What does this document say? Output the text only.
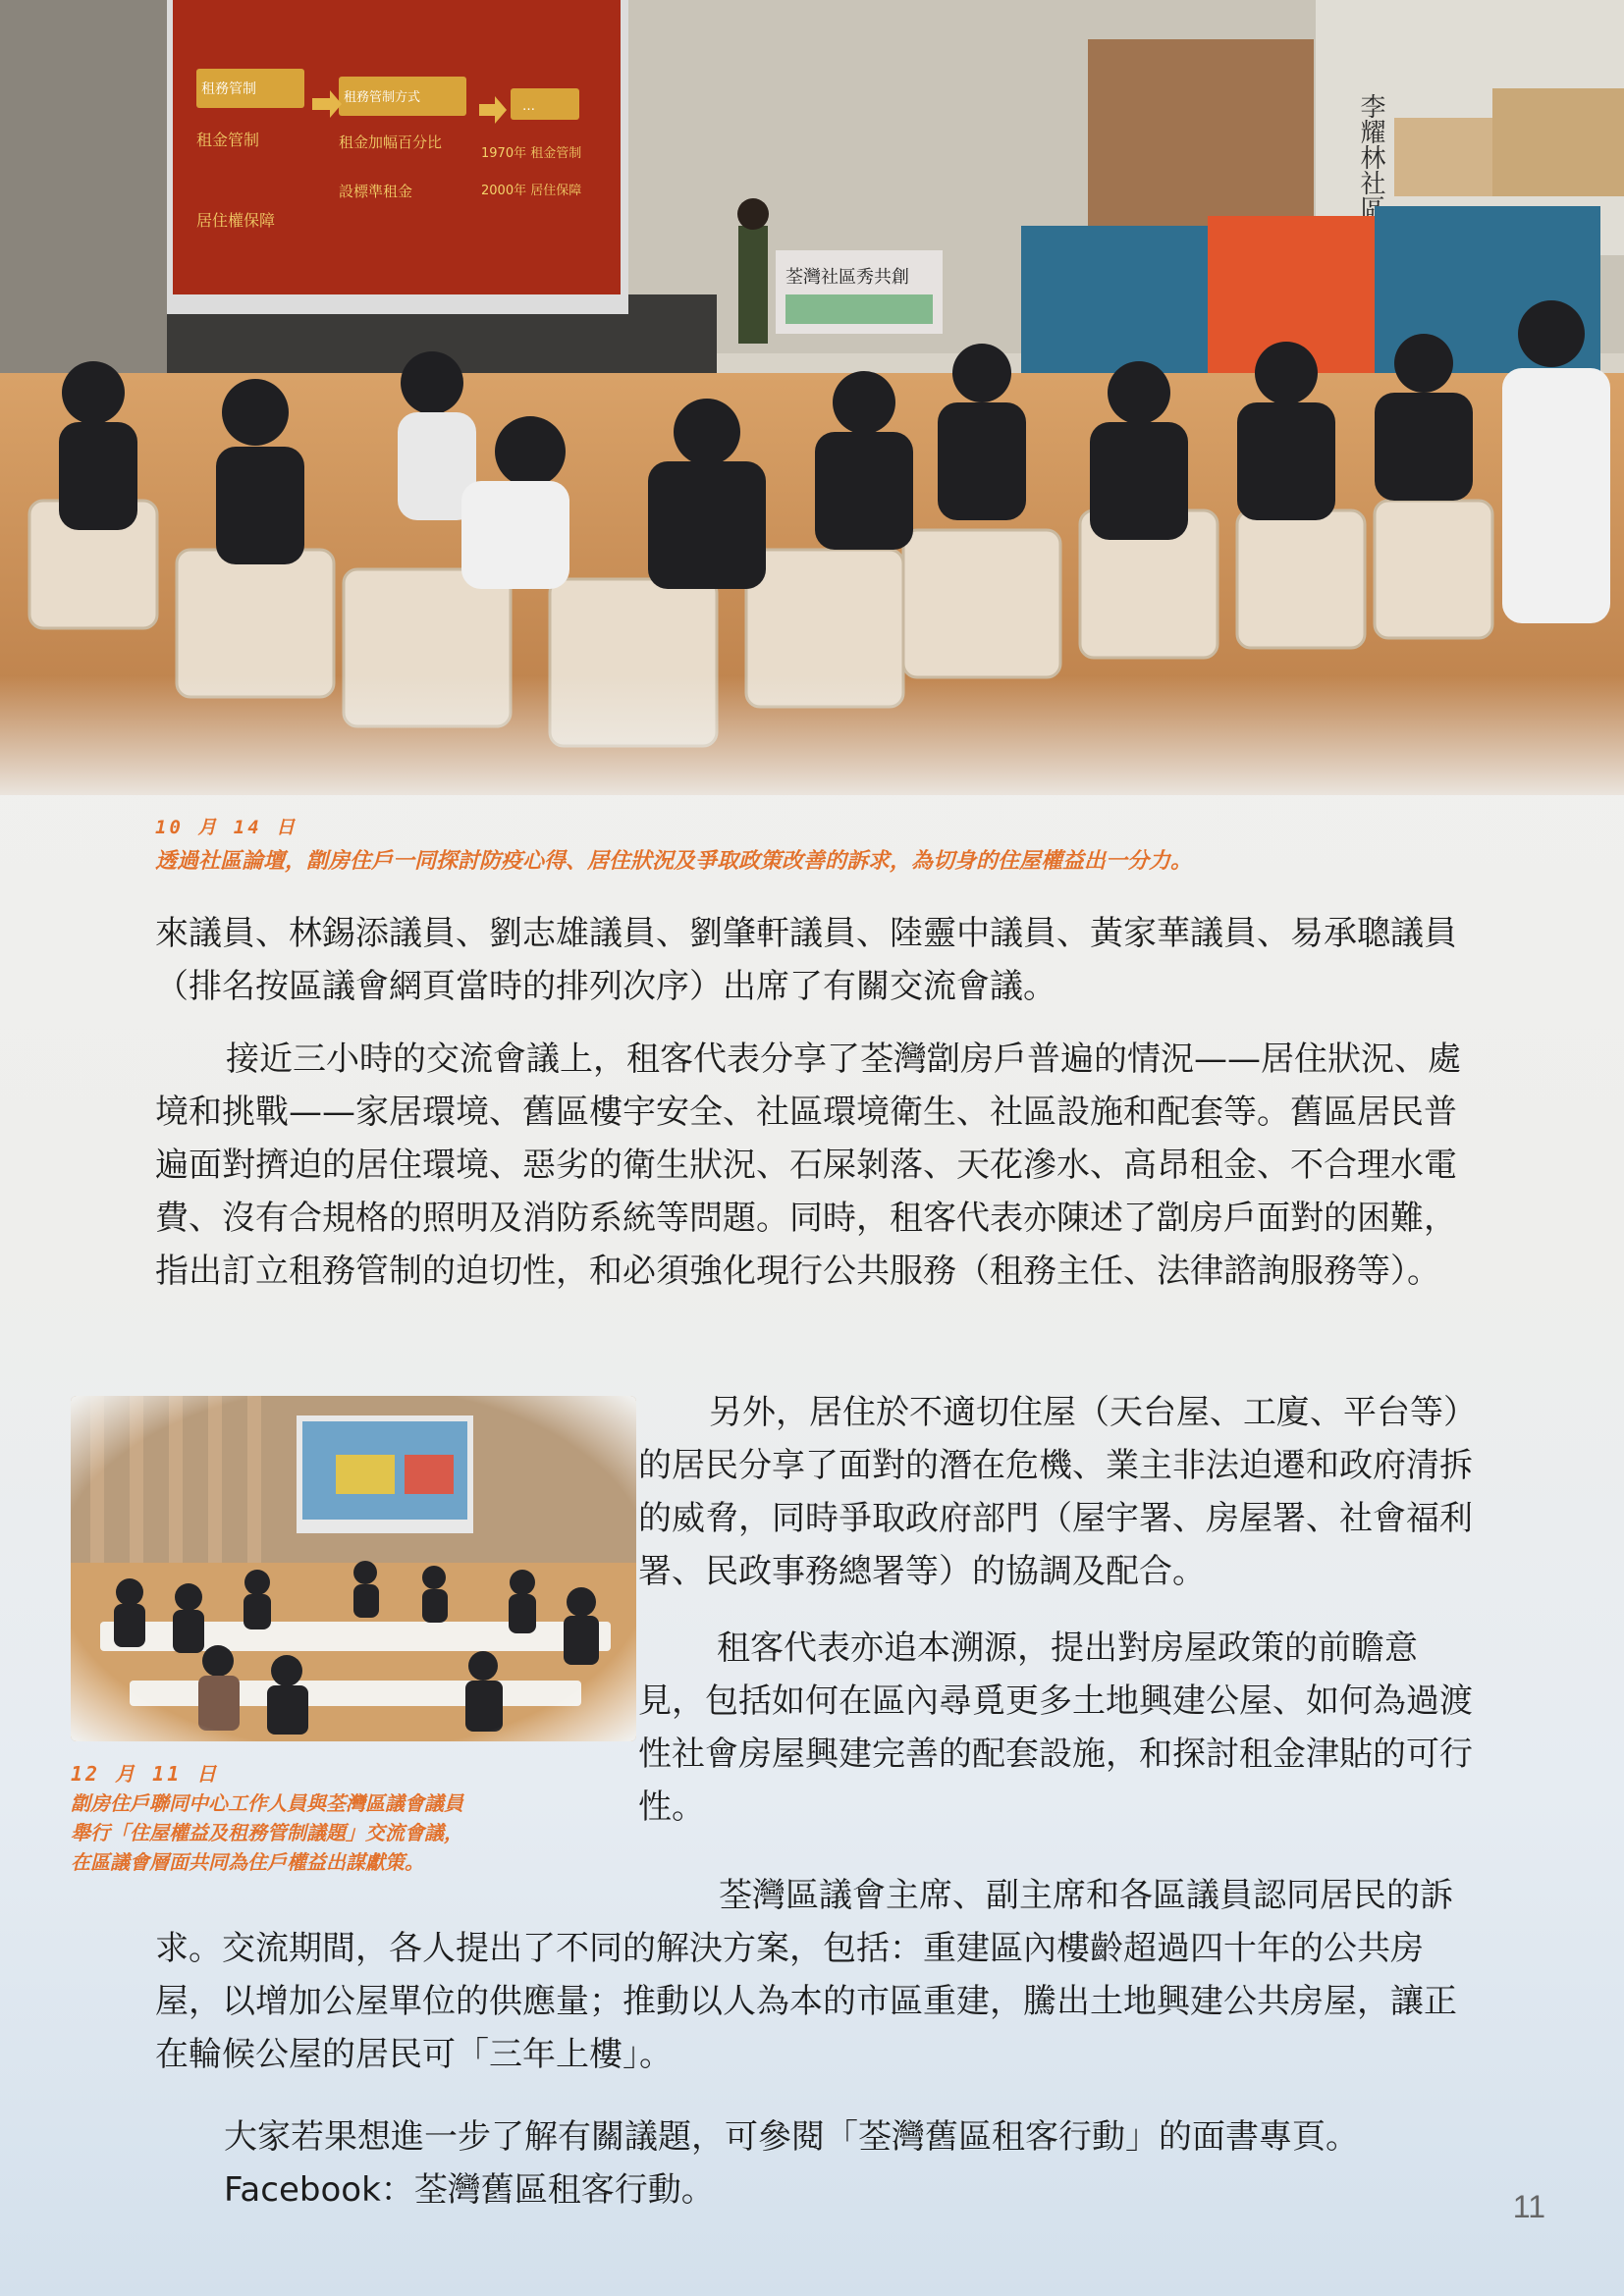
10 月 14 日
透過社區論壇，劏房住戶一同探討防疫心得、居住狀況及爭取政策改善的訴求，為切身的住屋權益出一分力。
來議員、林錫添議員、劉志雄議員、劉肇軒議員、陸靈中議員、黃家華議員、易承聰議員（排名按區議會網頁當時的排列次序）出席了有關交流會議。
接近三小時的交流會議上，租客代表分享了荃灣劏房戶普遍的情況——居住狀況、處境和挑戰——家居環境、舊區樓宇安全、社區環境衛生、社區設施和配套等。舊區居民普遍面對擠迫的居住環境、惡劣的衛生狀況、石屎剝落、天花滲水、高昂租金、不合理水電費、沒有合規格的照明及消防系統等問題。同時，租客代表亦陳述了劏房戶面對的困難，指出訂立租務管制的迫切性，和必須強化現行公共服務（租務主任、法律諮詢服務等）。
12 月 11 日
劏房住戶聯同中心工作人員與荃灣區議會議員
舉行「住屋權益及租務管制議題」交流會議，
在區議會層面共同為住戶權益出謀獻策。
另外，居住於不適切住屋（天台屋、工廈、平台等）的居民分享了面對的潛在危機、業主非法迫遷和政府清拆的威脅，同時爭取政府部門（屋宇署、房屋署、社會福利署、民政事務總署等）的協調及配合。
租客代表亦追本溯源，提出對房屋政策的前瞻意見，包括如何在區內尋覓更多土地興建公屋、如何為過渡性社會房屋興建完善的配套設施，和探討租金津貼的可行性。
荃灣區議會主席、副主席和各區議員認同居民的訴求。交流期間，各人提出了不同的解決方案，包括：重建區內樓齡超過四十年的公共房屋，以增加公屋單位的供應量；推動以人為本的市區重建，騰出土地興建公共房屋，讓正在輪候公屋的居民可「三年上樓」。
大家若果想進一步了解有關議題，可參閱「荃灣舊區租客行動」的面書專頁。
Facebook：荃灣舊區租客行動。	11
